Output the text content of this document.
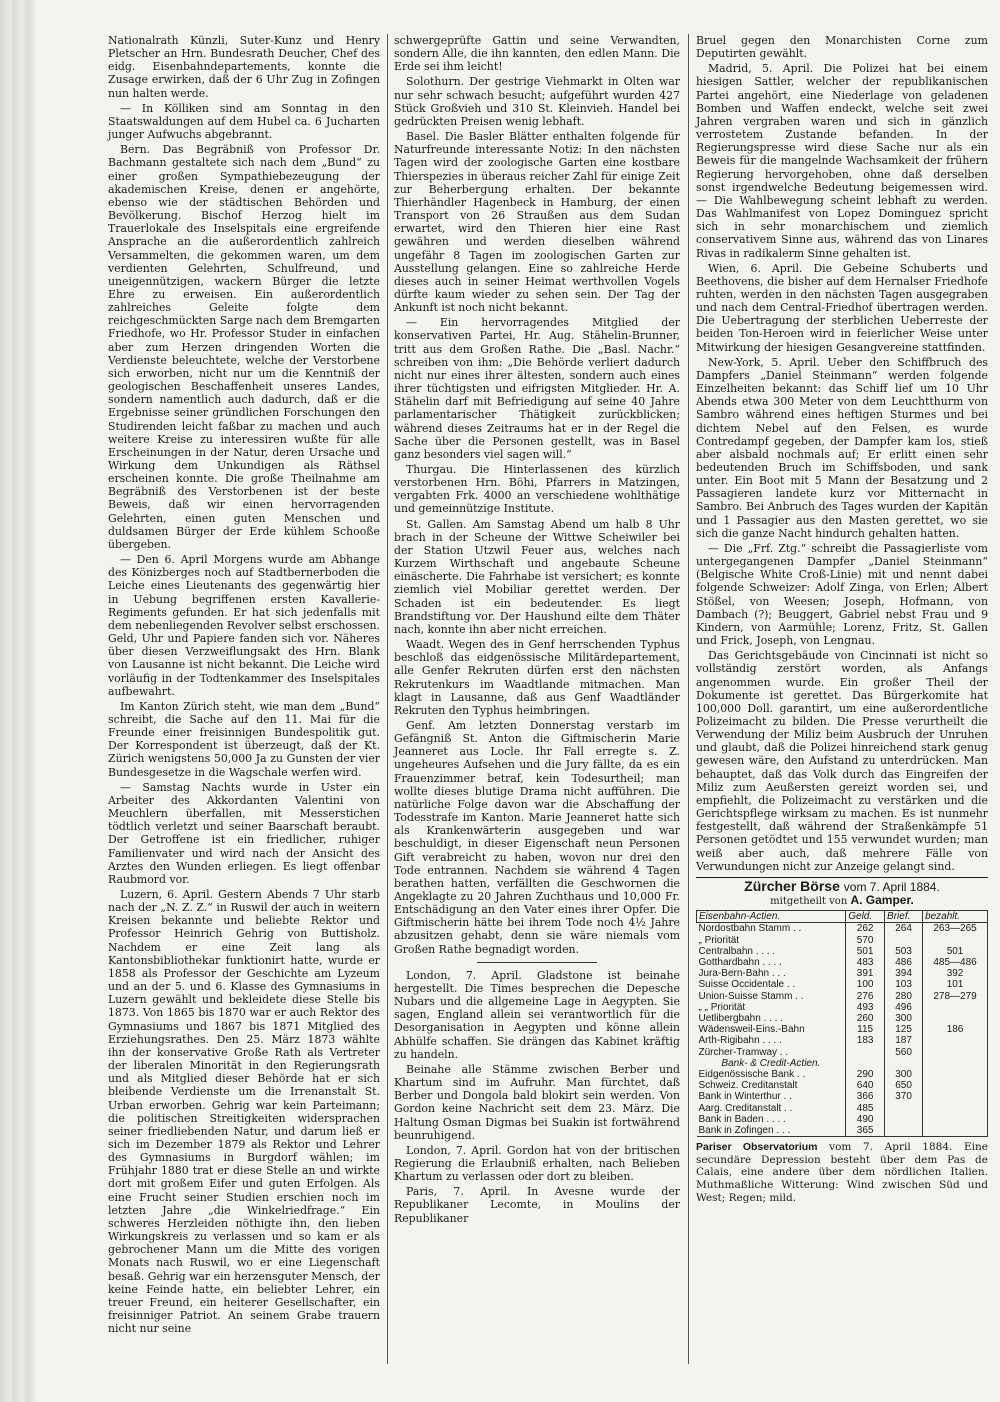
Nationalrath Künzli, Suter-Kunz und Henry Pletscher an Hrn. Bundesrath Deucher, Chef des eidg. Eisenbahndepartements, konnte die Zusage erwirken, daß der 6 Uhr Zug in Zofingen nun halten werde.

— In Kölliken sind am Sonntag in den Staatswaldungen auf dem Hubel ca. 6 Jucharten junger Aufwuchs abgebrannt.

Bern. Das Begräbniß von Professor Dr. Bachmann gestaltete sich nach dem „Bund“ zu einer großen Sympathiebezeugung der akademischen Kreise, denen er angehörte, ebenso wie der städtischen Behörden und Bevölkerung. Bischof Herzog hielt im Trauerlokale des Inselspitals eine ergreifende Ansprache an die außerordentlich zahlreich Versammelten, die gekommen waren, um dem verdienten Gelehrten, Schulfreund, und uneigennützigen, wackern Bürger die letzte Ehre zu erweisen. Ein außerordentlich zahlreiches Geleite folgte dem reichgeschmückten Sarge nach dem Bremgarten Friedhofe, wo Hr. Professor Studer in einfachen aber zum Herzen dringenden Worten die Verdienste beleuchtete, welche der Verstorbene sich erworben, nicht nur um die Kenntniß der geologischen Beschaffenheit unseres Landes, sondern namentlich auch dadurch, daß er die Ergebnisse seiner gründlichen Forschungen den Studirenden leicht faßbar zu machen und auch weitere Kreise zu interessiren wußte für alle Erscheinungen in der Natur, deren Ursache und Wirkung dem Unkundigen als Räthsel erscheinen konnte. Die große Theilnahme am Begräbniß des Verstorbenen ist der beste Beweis, daß wir einen hervorragenden Gelehrten, einen guten Menschen und duldsamen Bürger der Erde kühlem Schooße übergeben.

— Den 6. April Morgens wurde am Abhange des Könizberges noch auf Stadtbernerboden die Leiche eines Lieutenants des gegenwärtig hier in Uebung begriffenen ersten Kavallerie-Regiments gefunden. Er hat sich jedenfalls mit dem nebenliegenden Revolver selbst erschossen. Geld, Uhr und Papiere fanden sich vor. Näheres über diesen Verzweiflungsakt des Hrn. Blank von Lausanne ist nicht bekannt. Die Leiche wird vorläufig in der Todtenkammer des Inselspitales aufbewahrt.

Im Kanton Zürich steht, wie man dem „Bund“ schreibt, die Sache auf den 11. Mai für die Freunde einer freisinnigen Bundespolitik gut. Der Korrespondent ist überzeugt, daß der Kt. Zürich wenigstens 50,000 Ja zu Gunsten der vier Bundesgesetze in die Wagschale werfen wird.

— Samstag Nachts wurde in Uster ein Arbeiter des Akkordanten Valentini von Meuchlern überfallen, mit Messerstichen tödtlich verletzt und seiner Baarschaft beraubt. Der Getroffene ist ein friedlicher, ruhiger Familienvater und wird nach der Ansicht des Arztes den Wunden erliegen. Es liegt offenbar Raubmord vor.

Luzern, 6. April. Gestern Abends 7 Uhr starb nach der „N. Z. Z.“ in Ruswil der auch in weitern Kreisen bekannte und beliebte Rektor und Professor Heinrich Gehrig von Buttisholz. Nachdem er eine Zeit lang als Kantonsbibliothekar funktionirt hatte, wurde er 1858 als Professor der Geschichte am Lyzeum und an der 5. und 6. Klasse des Gymnasiums in Luzern gewählt und bekleidete diese Stelle bis 1873. Von 1865 bis 1870 war er auch Rektor des Gymnasiums und 1867 bis 1871 Mitglied des Erziehungsrathes. Den 25. März 1873 wählte ihn der konservative Große Rath als Vertreter der liberalen Minorität in den Regierungsrath und als Mitglied dieser Behörde hat er sich bleibende Verdienste um die Irrenanstalt St. Urban erworben. Gehrig war kein Parteimann; die politischen Streitigkeiten widersprachen seiner friedliebenden Natur, und darum ließ er sich im Dezember 1879 als Rektor und Lehrer des Gymnasiums in Burgdorf wählen; im Frühjahr 1880 trat er diese Stelle an und wirkte dort mit großem Eifer und guten Erfolgen. Als eine Frucht seiner Studien erschien noch im letzten Jahre „die Winkelriedfrage.“ Ein schweres Herzleiden nöthigte ihn, den lieben Wirkungskreis zu verlassen und so kam er als gebrochener Mann um die Mitte des vorigen Monats nach Ruswil, wo er eine Liegenschaft besaß. Gehrig war ein herzensguter Mensch, der keine Feinde hatte, ein beliebter Lehrer, ein treuer Freund, ein heiterer Gesellschafter, ein freisinniger Patriot. An seinem Grabe trauern nicht nur seine

schwergeprüfte Gattin und seine Verwandten, sondern Alle, die ihn kannten, den edlen Mann. Die Erde sei ihm leicht!

Solothurn. Der gestrige Viehmarkt in Olten war nur sehr schwach besucht; aufgeführt wurden 427 Stück Großvieh und 310 St. Kleinvieh. Handel bei gedrückten Preisen wenig lebhaft.

Basel. Die Basler Blätter enthalten folgende für Naturfreunde interessante Notiz: In den nächsten Tagen wird der zoologische Garten eine kostbare Thierspezies in überaus reicher Zahl für einige Zeit zur Beherbergung erhalten. Der bekannte Thierhändler Hagenbeck in Hamburg, der einen Transport von 26 Straußen aus dem Sudan erwartet, wird den Thieren hier eine Rast gewähren und werden dieselben während ungefähr 8 Tagen im zoologischen Garten zur Ausstellung gelangen. Eine so zahlreiche Herde dieses auch in seiner Heimat werthvollen Vogels dürfte kaum wieder zu sehen sein. Der Tag der Ankunft ist noch nicht bekannt.

— Ein hervorragendes Mitglied der konservativen Partei, Hr. Aug. Stähelin-Brunner, tritt aus dem Großen Rathe. Die „Basl. Nachr.“ schreiben von ihm: „Die Behörde verliert dadurch nicht nur eines ihrer ältesten, sondern auch eines ihrer tüchtigsten und eifrigsten Mitglieder. Hr. A. Stähelin darf mit Befriedigung auf seine 40 Jahre parlamentarischer Thätigkeit zurückblicken; während dieses Zeitraums hat er in der Regel die Sache über die Personen gestellt, was in Basel ganz besonders viel sagen will.“

Thurgau. Die Hinterlassenen des kürzlich verstorbenen Hrn. Böhi, Pfarrers in Matzingen, vergabten Frk. 4000 an verschiedene wohlthätige und gemeinnützige Institute.

St. Gallen. Am Samstag Abend um halb 8 Uhr brach in der Scheune der Wittwe Scheiwiler bei der Station Utzwil Feuer aus, welches nach Kurzem Wirthschaft und angebaute Scheune einäscherte. Die Fahrhabe ist versichert; es konnte ziemlich viel Mobiliar gerettet werden. Der Schaden ist ein bedeutender. Es liegt Brandstiftung vor. Der Haushund eilte dem Thäter nach, konnte ihn aber nicht erreichen.

Waadt. Wegen des in Genf herrschenden Typhus beschloß das eidgenössische Militärdepartement, alle Genfer Rekruten dürfen erst den nächsten Rekrutenkurs im Waadtlande mitmachen. Man klagt in Lausanne, daß aus Genf Waadtländer Rekruten den Typhus heimbringen.

Genf. Am letzten Donnerstag verstarb im Gefängniß St. Anton die Giftmischerin Marie Jeanneret aus Locle. Ihr Fall erregte s. Z. ungeheures Aufsehen und die Jury fällte, da es ein Frauenzimmer betraf, kein Todesurtheil; man wollte dieses blutige Drama nicht aufführen. Die natürliche Folge davon war die Abschaffung der Todesstrafe im Kanton. Marie Jeanneret hatte sich als Krankenwärterin ausgegeben und war beschuldigt, in dieser Eigenschaft neun Personen Gift verabreicht zu haben, wovon nur drei den Tode entrannen. Nachdem sie während 4 Tagen berathen hatten, verfällten die Geschwornen die Angeklagte zu 20 Jahren Zuchthaus und 10,000 Fr. Entschädigung an den Vater eines ihrer Opfer. Die Giftmischerin hätte bei ihrem Tode noch 4½ Jahre abzusitzen gehabt, denn sie wäre niemals vom Großen Rathe begnadigt worden.

London, 7. April. Gladstone ist beinahe hergestellt. Die Times besprechen die Depesche Nubars und die allgemeine Lage in Aegypten. Sie sagen, England allein sei verantwortlich für die Desorganisation in Aegypten und könne allein Abhülfe schaffen. Sie drängen das Kabinet kräftig zu handeln.

Beinahe alle Stämme zwischen Berber und Khartum sind im Aufruhr. Man fürchtet, daß Berber und Dongola bald blokirt sein werden. Von Gordon keine Nachricht seit dem 23. März. Die Haltung Osman Digmas bei Suakin ist fortwährend beunruhigend.

London, 7. April. Gordon hat von der britischen Regierung die Erlaubniß erhalten, nach Belieben Khartum zu verlassen oder dort zu bleiben.

Paris, 7. April. In Avesne wurde der Republikaner Lecomte, in Moulins der Republikaner

Bruel gegen den Monarchisten Corne zum Deputirten gewählt.

Madrid, 5. April. Die Polizei hat bei einem hiesigen Sattler, welcher der republikanischen Partei angehört, eine Niederlage von geladenen Bomben und Waffen endeckt, welche seit zwei Jahren vergraben waren und sich in gänzlich verrostetem Zustande befanden. In der Regierungspresse wird diese Sache nur als ein Beweis für die mangelnde Wachsamkeit der frühern Regierung hervorgehoben, ohne daß derselben sonst irgendwelche Bedeutung beigemessen wird. — Die Wahlbewegung scheint lebhaft zu werden. Das Wahlmanifest von Lopez Dominguez spricht sich in sehr monarchischem und ziemlich conservativem Sinne aus, während das von Linares Rivas in radikalerm Sinne gehalten ist.

Wien, 6. April. Die Gebeine Schuberts und Beethovens, die bisher auf dem Hernalser Friedhofe ruhten, werden in den nächsten Tagen ausgegraben und nach dem Central-Friedhof übertragen werden. Die Uebertragung der sterblichen Ueberreste der beiden Ton-Heroen wird in feierlicher Weise unter Mitwirkung der hiesigen Gesangvereine stattfinden.

New-York, 5. April. Ueber den Schiffbruch des Dampfers „Daniel Steinmann“ werden folgende Einzelheiten bekannt: das Schiff lief um 10 Uhr Abends etwa 300 Meter von dem Leuchtthurm von Sambro während eines heftigen Sturmes und bei dichtem Nebel auf den Felsen, es wurde Contredampf gegeben, der Dampfer kam los, stieß aber alsbald nochmals auf; Er erlitt einen sehr bedeutenden Bruch im Schiffsboden, und sank unter. Ein Boot mit 5 Mann der Besatzung und 2 Passagieren landete kurz vor Mitternacht in Sambro. Bei Anbruch des Tages wurden der Kapitän und 1 Passagier aus den Masten gerettet, wo sie sich die ganze Nacht hindurch gehalten hatten.

— Die „Frf. Ztg.“ schreibt die Passagierliste vom untergegangenen Dampfer „Daniel Steinmann“ (Belgische White Croß-Linie) mit und nennt dabei folgende Schweizer: Adolf Zinga, von Erlen; Albert Stößel, von Weesen; Joseph, Hofmann, von Dambach (?); Beuggert, Gabriel nebst Frau und 9 Kindern, von Aarmühle; Lorenz, Fritz, St. Gallen und Frick, Joseph, von Lengnau.

Das Gerichtsgebäude von Cincinnati ist nicht so vollständig zerstört worden, als Anfangs angenommen wurde. Ein großer Theil der Dokumente ist gerettet. Das Bürgerkomite hat 100,000 Doll. garantirt, um eine außerordentliche Polizeimacht zu bilden. Die Presse verurtheilt die Verwendung der Miliz beim Ausbruch der Unruhen und glaubt, daß die Polizei hinreichend stark genug gewesen wäre, den Aufstand zu unterdrücken. Man behauptet, daß das Volk durch das Eingreifen der Miliz zum Aeußersten gereizt worden sei, und empfiehlt, die Polizeimacht zu verstärken und die Gerichtspflege wirksam zu machen. Es ist nunmehr festgestellt, daß während der Straßenkämpfe 51 Personen getödtet und 155 verwundet wurden; man weiß aber auch, daß mehrere Fälle von Verwundungen nicht zur Anzeige gelangt sind.

Zürcher Börse vom 7. April 1884.
mitgetheilt von A. Gamper.
Eisenbahn-Actien.	Geld.	Brief.	bezahlt.
Nordostbahn Stamm . .	262	264	263—265
„ Priorität	570		
Centralbahn . . . .	501	503	501
Gotthardbahn . . . .	483	486	485—486
Jura-Bern-Bahn . . .	391	394	392
Suisse Occidentale . .	100	103	101
Union-Suisse Stamm . .	276	280	278—279
„ „ Priorität	493	496	
Uetlibergbahn . . . .	260	300	
Wädensweil-Eins.-Bahn	115	125	186
Arth-Rigibahn . . . .	183	187	
Zürcher-Tramway . .		560	
Bank- & Credit-Actien.			
Eidgenössische Bank . .	290	300	
Schweiz. Creditanstalt	640	650	
Bank in Winterthur . .	366	370	
Aarg. Creditanstalt . .	485		
Bank in Baden . . . .	490		
Bank in Zofingen . . .	365		
Pariser Observatorium vom 7. April 1884. Eine secundäre Depression besteht über dem Pas de Calais, eine andere über dem nördlichen Italien. Muthmaßliche Witterung: Wind zwischen Süd und West; Regen; mild.
